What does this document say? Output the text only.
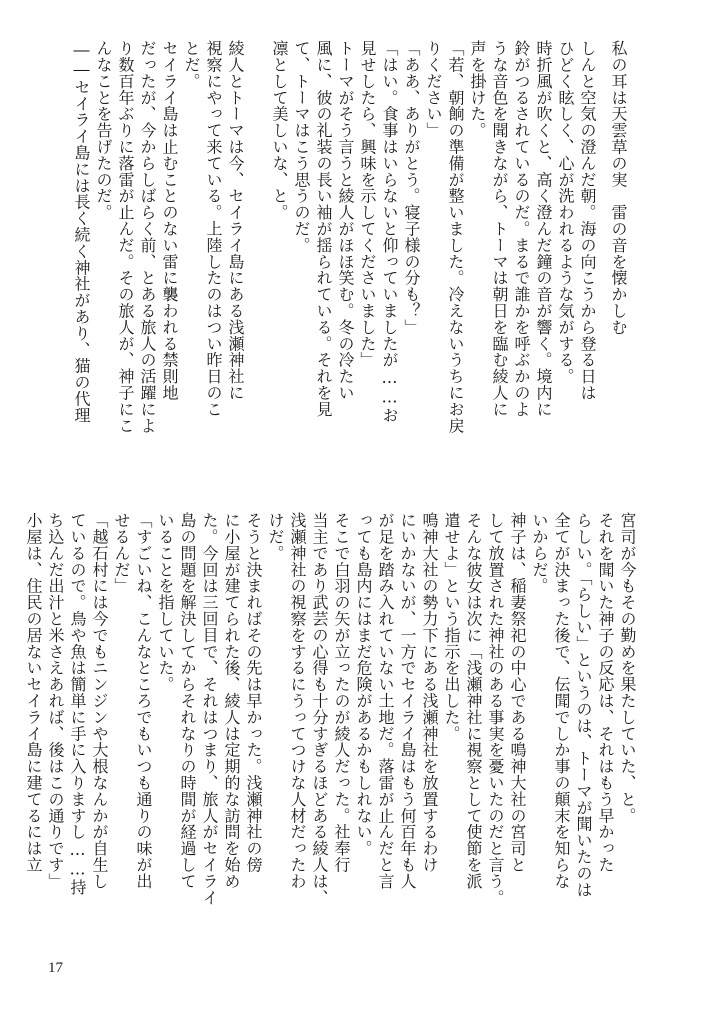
私の耳は天雲草の実　雷の音を懐かしむ
しんと空気の澄んだ朝。海の向こうから登る日は
ひどく眩しく、心が洗われるような気がする。
時折風が吹くと、高く澄んだ鐘の音が響く。境内に
鈴がつるされているのだ。まるで誰かを呼ぶかのよ
うな音色を聞きながら、トーマは朝日を臨む綾人に
声を掛けた。
「若、朝餉の準備が整いました。冷えないうちにお戻
りください」
「ああ、ありがとう。寝子様の分も？」
「はい。食事はいらないと仰っていましたが……お
見せしたら、興味を示してくださいました」
トーマがそう言うと綾人がほほ笑む。冬の冷たい
風に、彼の礼装の長い袖が揺られている。それを見
て、トーマはこう思うのだ。
凛として美しいな、と。

綾人とトーマは今、セイライ島にある浅瀬神社に
視察にやって来ている。上陸したのはつい昨日のこ
とだ。
セイライ島は止むことのない雷に襲われる禁則地
だったが、今からしばらく前、とある旅人の活躍によ
り数百年ぶりに落雷が止んだ。その旅人が、神子にこ
んなことを告げたのだ。
――セイライ島には長く続く神社があり、猫の代理
宮司が今もその勤めを果たしていた、と。
それを聞いた神子の反応は、それはもう早かった
らしい。「らしい」というのは、トーマが聞いたのは
全てが決まった後で、伝聞でしか事の顛末を知らな
いからだ。
神子は、稲妻祭祀の中心である鳴神大社の宮司と
して放置された神社のある事実を憂いたのだと言う。
そんな彼女は次に「浅瀬神社に視察として使節を派
遣せよ」という指示を出した。
鳴神大社の勢力下にある浅瀬神社を放置するわけ
にいかないが、一方でセイライ島はもう何百年も人
が足を踏み入れていない土地だ。落雷が止んだと言
っても島内にはまだ危険があるかもしれない。
そこで白羽の矢が立ったのが綾人だった。社奉行
当主であり武芸の心得も十分すぎるほどある綾人は、
浅瀬神社の視察をするにうってつけな人材だったわ
けだ。
そうと決まればその先は早かった。浅瀬神社の傍
に小屋が建てられた後、綾人は定期的な訪問を始め
た。今回は三回目で、それはつまり、旅人がセイライ
島の問題を解決してからそれなりの時間が経過して
いることを指していた。
「すごいね、こんなところでもいつも通りの味が出
せるんだ」
「越石村には今でもニンジンや大根なんかが自生し
ているので。鳥や魚は簡単に手に入りますし……持
ち込んだ出汁と米さえあれば、後はこの通りです」
小屋は、住民の居ないセイライ島に建てるには立
17
